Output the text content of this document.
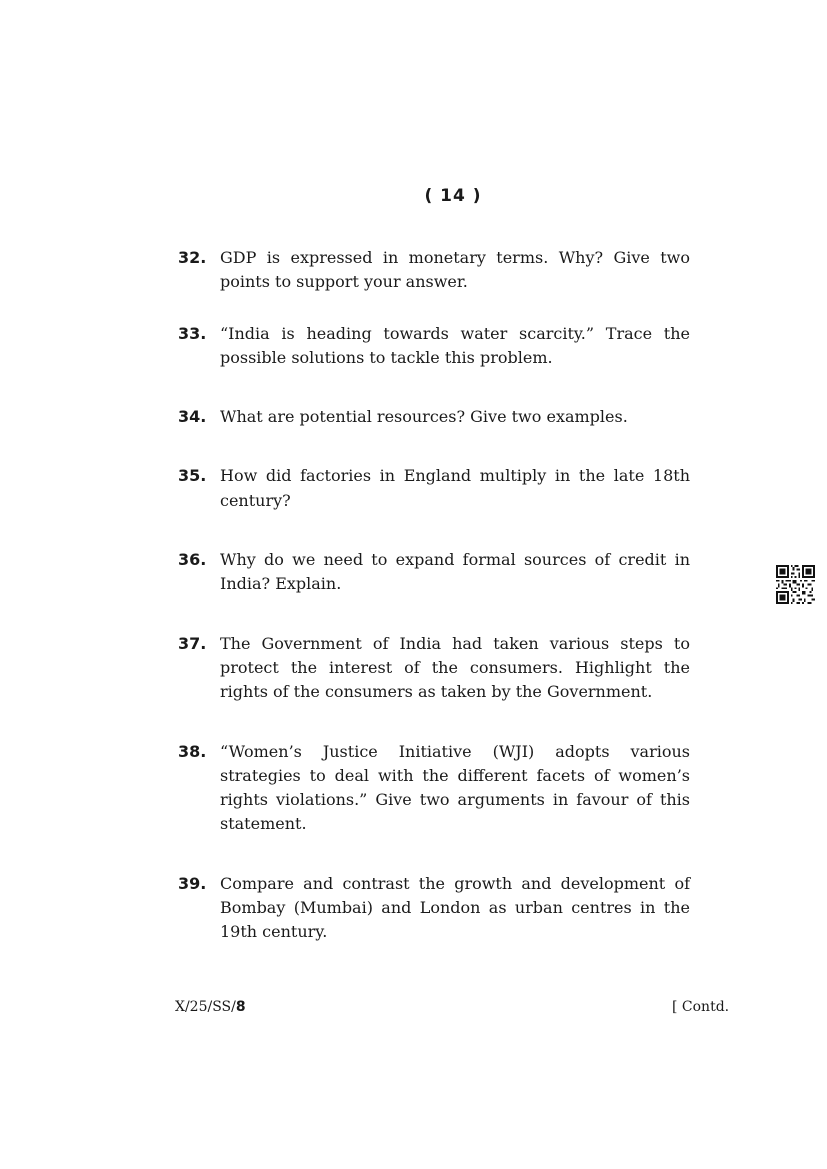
( 14 )
32. GDP is expressed in monetary terms. Why? Give two points to support your answer.
33. “India is heading towards water scarcity.” Trace the possible solutions to tackle this problem.
34. What are potential resources? Give two examples.
35. How did factories in England multiply in the late 18th century?
36. Why do we need to expand formal sources of credit in India? Explain.
37. The Government of India had taken various steps to protect the interest of the consumers. Highlight the rights of the consumers as taken by the Government.
38. “Women’s Justice Initiative (WJI) adopts various strategies to deal with the different facets of women’s rights violations.” Give two arguments in favour of this statement.
39. Compare and contrast the growth and development of Bombay (Mumbai) and London as urban centres in the 19th century.
X/25/SS/8	[ Contd.
